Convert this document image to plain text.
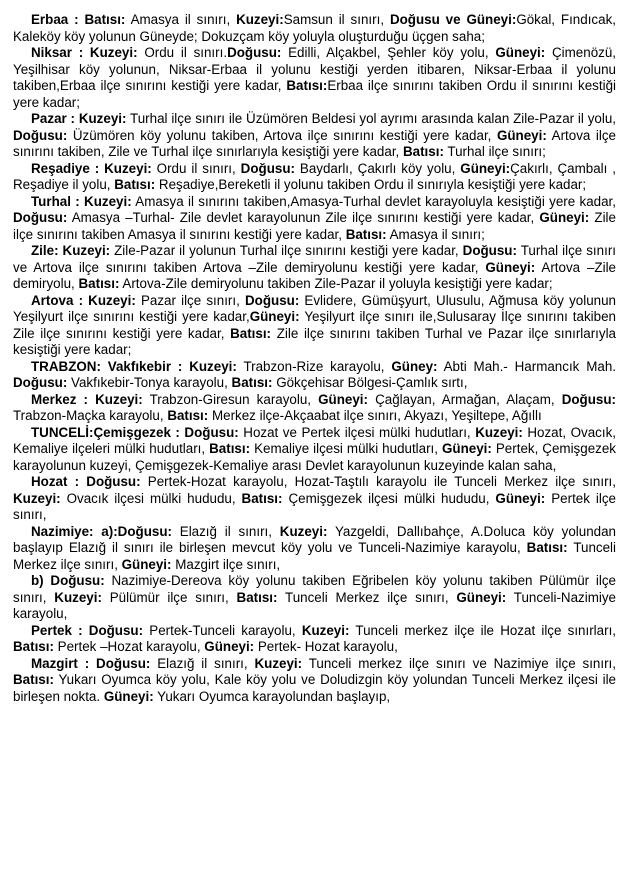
Erbaa : Batısı: Amasya il sınırı, Kuzeyi:Samsun il sınırı, Doğusu ve Güneyi:Gökal, Fındıcak, Kaleköy köy yolunun Güneyde; Dokuzçam köy yoluyla oluşturduğu üçgen saha;

Niksar : Kuzeyi: Ordu il sınırı.Doğusu: Edilli, Alçakbel, Şehler köy yolu, Güneyi: Çimenözü, Yeşilhisar köy yolunun, Niksar-Erbaa il yolunu kestiği yerden itibaren, Niksar-Erbaa il yolunu takiben,Erbaa ilçe sınırını kestiği yere kadar, Batısı:Erbaa ilçe sınırını takiben Ordu il sınırını kestiği yere kadar;

Pazar : Kuzeyi: Turhal ilçe sınırı ile Üzümören Beldesi yol ayrımı arasında kalan Zile-Pazar il yolu, Doğusu: Üzümören köy yolunu takiben, Artova ilçe sınırını kestiği yere kadar, Güneyi: Artova ilçe sınırını takiben, Zile ve Turhal ilçe sınırlarıyla kesiştiği yere kadar, Batısı: Turhal ilçe sınırı;

Reşadiye : Kuzeyi: Ordu il sınırı, Doğusu: Baydarlı, Çakırlı köy yolu, Güneyi:Çakırlı, Çambalı , Reşadiye il yolu, Batısı: Reşadiye,Bereketli il yolunu takiben Ordu il sınırıyla kesiştiği yere kadar;

Turhal : Kuzeyi: Amasya il sınırını takiben,Amasya-Turhal devlet karayoluyla kesiştiği yere kadar, Doğusu: Amasya –Turhal- Zile devlet karayolunun Zile ilçe sınırını kestiği yere kadar, Güneyi: Zile ilçe sınırını takiben Amasya il sınırını kestiği yere kadar, Batısı: Amasya il sınırı;

Zile: Kuzeyi: Zile-Pazar il yolunun Turhal ilçe sınırını kestiği yere kadar, Doğusu: Turhal ilçe sınırı ve Artova ilçe sınırını takiben Artova –Zile demiryolunu kestiği yere kadar, Güneyi: Artova –Zile demiryolu, Batısı: Artova-Zile demiryolunu takiben Zile-Pazar il yoluyla kesiştiği yere kadar;

Artova : Kuzeyi: Pazar ilçe sınırı, Doğusu: Evlidere, Gümüşyurt, Ulusulu, Ağmusa köy yolunun Yeşilyurt ilçe sınırını kestiği yere kadar,Güneyi: Yeşilyurt ilçe sınırı ile,Sulusaray İlçe sınırını takiben Zile ilçe sınırını kestiği yere kadar, Batısı: Zile ilçe sınırını takiben Turhal ve Pazar ilçe sınırlarıyla kesiştiği yere kadar;

TRABZON: Vakfıkebir : Kuzeyi: Trabzon-Rize karayolu, Güney: Abti Mah.- Harmancık Mah. Doğusu: Vakfıkebir-Tonya karayolu, Batısı: Gökçehisar Bölgesi-Çamlık sırtı,

Merkez : Kuzeyi: Trabzon-Giresun karayolu, Güneyi: Çağlayan, Armağan, Alaçam, Doğusu: Trabzon-Maçka karayolu, Batısı: Merkez ilçe-Akçaabat ilçe sınırı, Akyazı, Yeşiltepe, Ağıllı

TUNCELİ:Çemişgezek : Doğusu: Hozat ve Pertek ilçesi mülki hudutları, Kuzeyi: Hozat, Ovacık, Kemaliye ilçeleri mülki hudutları, Batısı: Kemaliye ilçesi mülki hudutları, Güneyi: Pertek, Çemişgezek karayolunun kuzeyi, Çemişgezek-Kemaliye arası Devlet karayolunun kuzeyinde kalan saha,

Hozat : Doğusu: Pertek-Hozat karayolu, Hozat-Taştılı karayolu ile Tunceli Merkez ilçe sınırı, Kuzeyi: Ovacık ilçesi mülki hududu, Batısı: Çemişgezek ilçesi mülki hududu, Güneyi: Pertek ilçe sınırı,

Nazimiye: a):Doğusu: Elazığ il sınırı, Kuzeyi: Yazgeldi, Dallıbahçe, A.Doluca köy yolundan başlayıp Elazığ il sınırı ile birleşen mevcut köy yolu ve Tunceli-Nazimiye karayolu, Batısı: Tunceli Merkez ilçe sınırı, Güneyi: Mazgirt ilçe sınırı,

b) Doğusu: Nazimiye-Dereova köy yolunu takiben Eğribelen köy yolunu takiben Pülümür ilçe sınırı, Kuzeyi: Pülümür ilçe sınırı, Batısı: Tunceli Merkez ilçe sınırı, Güneyi: Tunceli-Nazimiye karayolu,

Pertek : Doğusu: Pertek-Tunceli karayolu, Kuzeyi: Tunceli merkez ilçe ile Hozat ilçe sınırları, Batısı: Pertek –Hozat karayolu, Güneyi: Pertek- Hozat karayolu,

Mazgirt : Doğusu: Elazığ il sınırı, Kuzeyi: Tunceli merkez ilçe sınırı ve Nazimiye ilçe sınırı, Batısı: Yukarı Oyumca köy yolu, Kale köy yolu ve Doludizgin köy yolundan Tunceli Merkez ilçesi ile birleşen nokta. Güneyi: Yukarı Oyumca karayolundan başlayıp,
